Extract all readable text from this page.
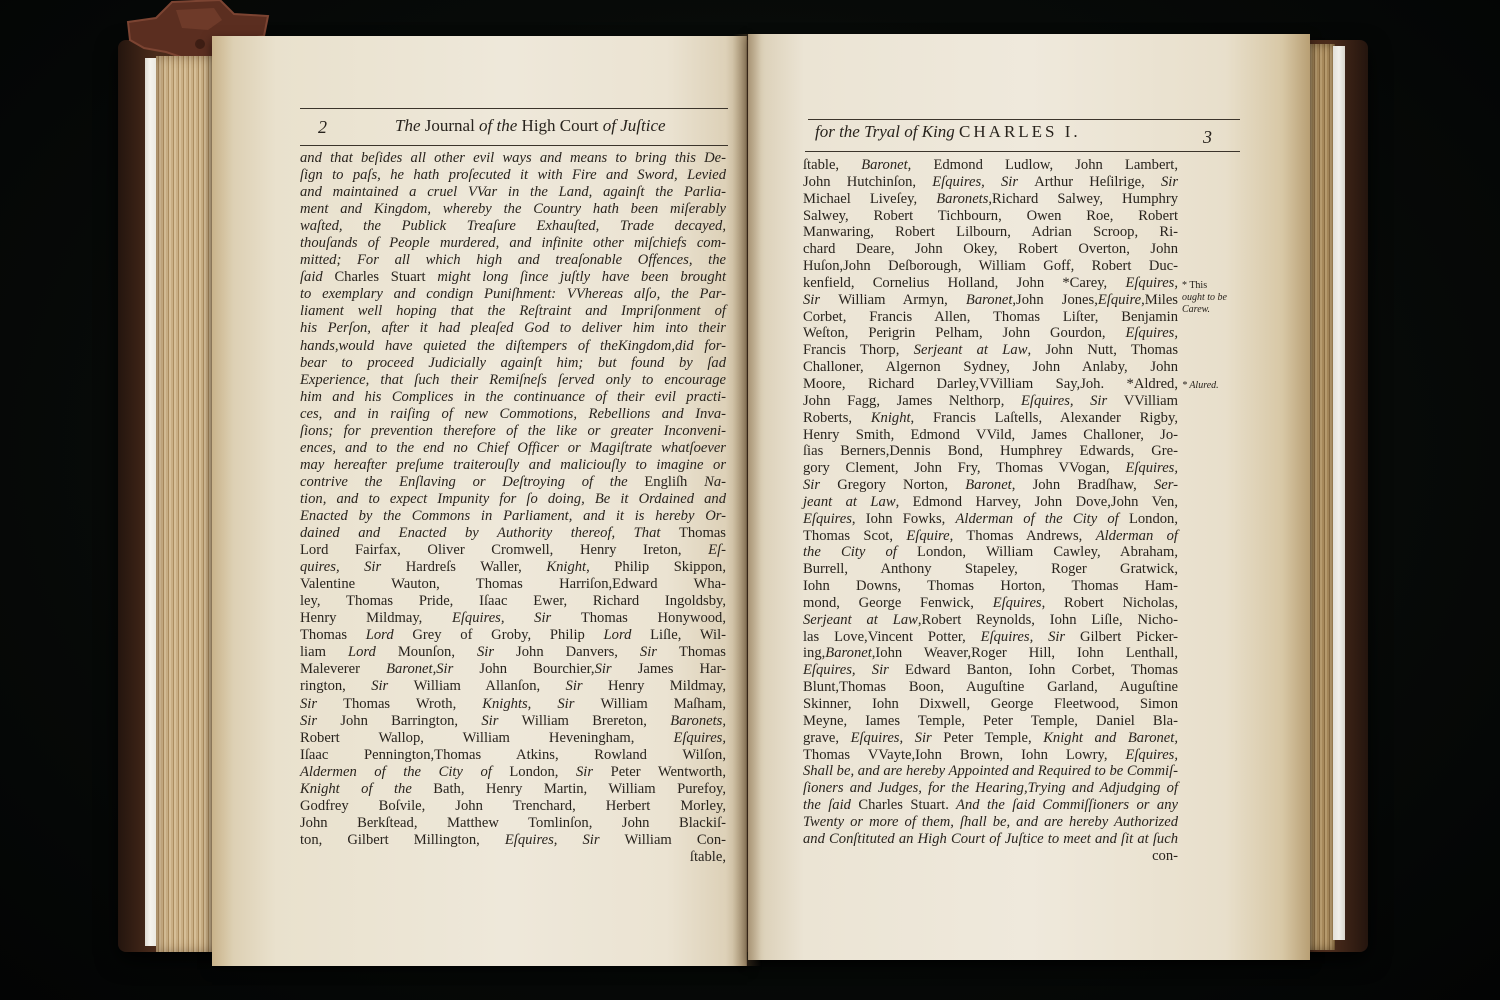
2	The Journal of the High Court of Juſtice
and that beſides all other evil ways and means to bring this De-
ſign to paſs, he hath proſecuted it with Fire and Sword, Levied
and maintained a cruel VVar in the Land, againſt the Parlia-
ment and Kingdom, whereby the Country hath been miſerably
waſted, the Publick Treaſure Exhauſted, Trade decayed,
thouſands of People murdered, and infinite other miſchiefs com-
mitted; For all which high and treaſonable Offences, the
ſaid Charles Stuart might long ſince juſtly have been brought
to exemplary and condign Puniſhment: VVhereas alſo, the Par-
liament well hoping that the Reſtraint and Impriſonment of
his Perſon, after it had pleaſed God to deliver him into their
hands,would have quieted the diſtempers of theKingdom,did for-
bear to proceed Judicially againſt him; but found by ſad
Experience, that ſuch their Remiſneſs ſerved only to encourage
him and his Complices in the continuance of their evil practi-
ces, and in raiſing of new Commotions, Rebellions and Inva-
ſions; for prevention therefore of the like or greater Inconveni-
ences, and to the end no Chief Officer or Magiſtrate whatſoever
may hereafter preſume traiterouſly and maliciouſly to imagine or
contrive the Enſlaving or Deſtroying of the Engliſh Na-
tion, and to expect Impunity for ſo doing, Be it Ordained and
Enacted by the Commons in Parliament, and it is hereby Or-
dained and Enacted by Authority thereof, That Thomas
Lord Fairfax, Oliver Cromwell, Henry Ireton, Eſ-
quires, Sir Hardreſs Waller, Knight, Philip Skippon,
Valentine Wauton, Thomas Harriſon,Edward Wha-
ley, Thomas Pride, Iſaac Ewer, Richard Ingoldsby,
Henry Mildmay, Eſquires, Sir Thomas Honywood,
Thomas Lord Grey of Groby, Philip Lord Liſle, Wil-
liam Lord Mounſon, Sir John Danvers, Sir Thomas
Maleverer Baronet,Sir John Bourchier,Sir James Har-
rington, Sir William Allanſon, Sir Henry Mildmay,
Sir Thomas Wroth, Knights, Sir William Maſham,
Sir John Barrington, Sir William Brereton, Baronets,
Robert Wallop, William Heveningham, Eſquires,
Iſaac Pennington,Thomas Atkins, Rowland Wilſon,
Aldermen of the City of London, Sir Peter Wentworth,
Knight of the Bath, Henry Martin, William Purefoy,
Godfrey Boſvile, John Trenchard, Herbert Morley,
John Berkſtead, Matthew Tomlinſon, John Blackiſ-
ton, Gilbert Millington, Eſquires, Sir William Con-
ſtable,
for the Tryal of King CHARLES I.	3
ſtable, Baronet, Edmond Ludlow, John Lambert,
John Hutchinſon, Eſquires, Sir Arthur Heſilrige, Sir
Michael Liveſey, Baronets,Richard Salwey, Humphry
Salwey, Robert Tichbourn, Owen Roe, Robert
Manwaring, Robert Lilbourn, Adrian Scroop, Ri-
chard Deare, John Okey, Robert Overton, John
Huſon,John Deſborough, William Goff, Robert Duc-
kenfield, Cornelius Holland, John *Carey, Eſquires,
Sir William Armyn, Baronet,John Jones,Eſquire,Miles
Corbet, Francis Allen, Thomas Liſter, Benjamin
Weſton, Perigrin Pelham, John Gourdon, Eſquires,
Francis Thorp, Serjeant at Law, John Nutt, Thomas
Challoner, Algernon Sydney, John Anlaby, John
Moore, Richard Darley,VVilliam Say,Joh. *Aldred,
John Fagg, James Nelthorp, Eſquires, Sir VVilliam
Roberts, Knight, Francis Laſtells, Alexander Rigby,
Henry Smith, Edmond VVild, James Challoner, Jo-
ſias Berners,Dennis Bond, Humphrey Edwards, Gre-
gory Clement, John Fry, Thomas VVogan, Eſquires,
Sir Gregory Norton, Baronet, John Bradſhaw, Ser-
jeant at Law, Edmond Harvey, John Dove,John Ven,
Eſquires, Iohn Fowks, Alderman of the City of London,
Thomas Scot, Eſquire, Thomas Andrews, Alderman of
the City of London, William Cawley, Abraham,
Burrell, Anthony Stapeley, Roger Gratwick,
Iohn Downs, Thomas Horton, Thomas Ham-
mond, George Fenwick, Eſquires, Robert Nicholas,
Serjeant at Law,Robert Reynolds, Iohn Liſle, Nicho-
las Love,Vincent Potter, Eſquires, Sir Gilbert Picker-
ing,Baronet,Iohn Weaver,Roger Hill, Iohn Lenthall,
Eſquires, Sir Edward Banton, Iohn Corbet, Thomas
Blunt,Thomas Boon, Auguſtine Garland, Auguſtine
Skinner, Iohn Dixwell, George Fleetwood, Simon
Meyne, Iames Temple, Peter Temple, Daniel Bla-
grave, Eſquires, Sir Peter Temple, Knight and Baronet,
Thomas VVayte,Iohn Brown, Iohn Lowry, Eſquires,
Shall be, and are hereby Appointed and Required to be Commiſ-
ſioners and Judges, for the Hearing,Trying and Adjudging of
the ſaid Charles Stuart. And the ſaid Commiſſioners or any
Twenty or more of them, ſhall be, and are hereby Authorized
and Conſtituted an High Court of Juſtice to meet and ſit at ſuch
con-
* This
ought to be
Carew.
* Alured.
